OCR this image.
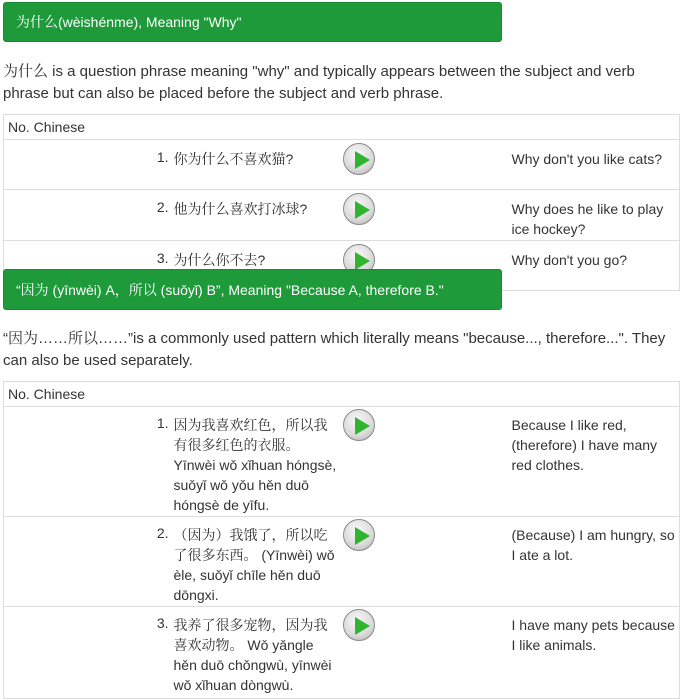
为什么(wèishénme), Meaning "Why"
为什么 is a question phrase meaning "why" and typically appears between the subject and verb phrase but can also be placed before the subject and verb phrase.
No. Chinese			
1.	你为什么不喜欢猫?		Why don't you like cats?
2.	他为什么喜欢打冰球?		Why does he like to play ice hockey?
3.	为什么你不去?		Why don't you go?
“因为 (yīnwèi) A，所以 (suǒyǐ) B”, Meaning "Because A, therefore B."
“因为……所以……”is a commonly used pattern which literally means "because..., therefore...". They can also be used separately.
No. Chinese			
1.	因为我喜欢红色，所以我有很多红色的衣服。 Yīnwèi wǒ xǐhuan hóngsè, suǒyǐ wǒ yǒu hěn duō hóngsè de yīfu.		Because I like red, (therefore) I have many red clothes.
2.	（因为）我饿了，所以吃了很多东西。 (Yīnwèi) wǒ èle, suǒyǐ chīle hěn duō dōngxi.		(Because) I am hungry, so I ate a lot.
3.	我养了很多宠物，因为我喜欢动物。 Wǒ yǎngle hěn duō chǒngwù, yīnwèi wǒ xǐhuan dòngwù.		I have many pets because I like animals.
